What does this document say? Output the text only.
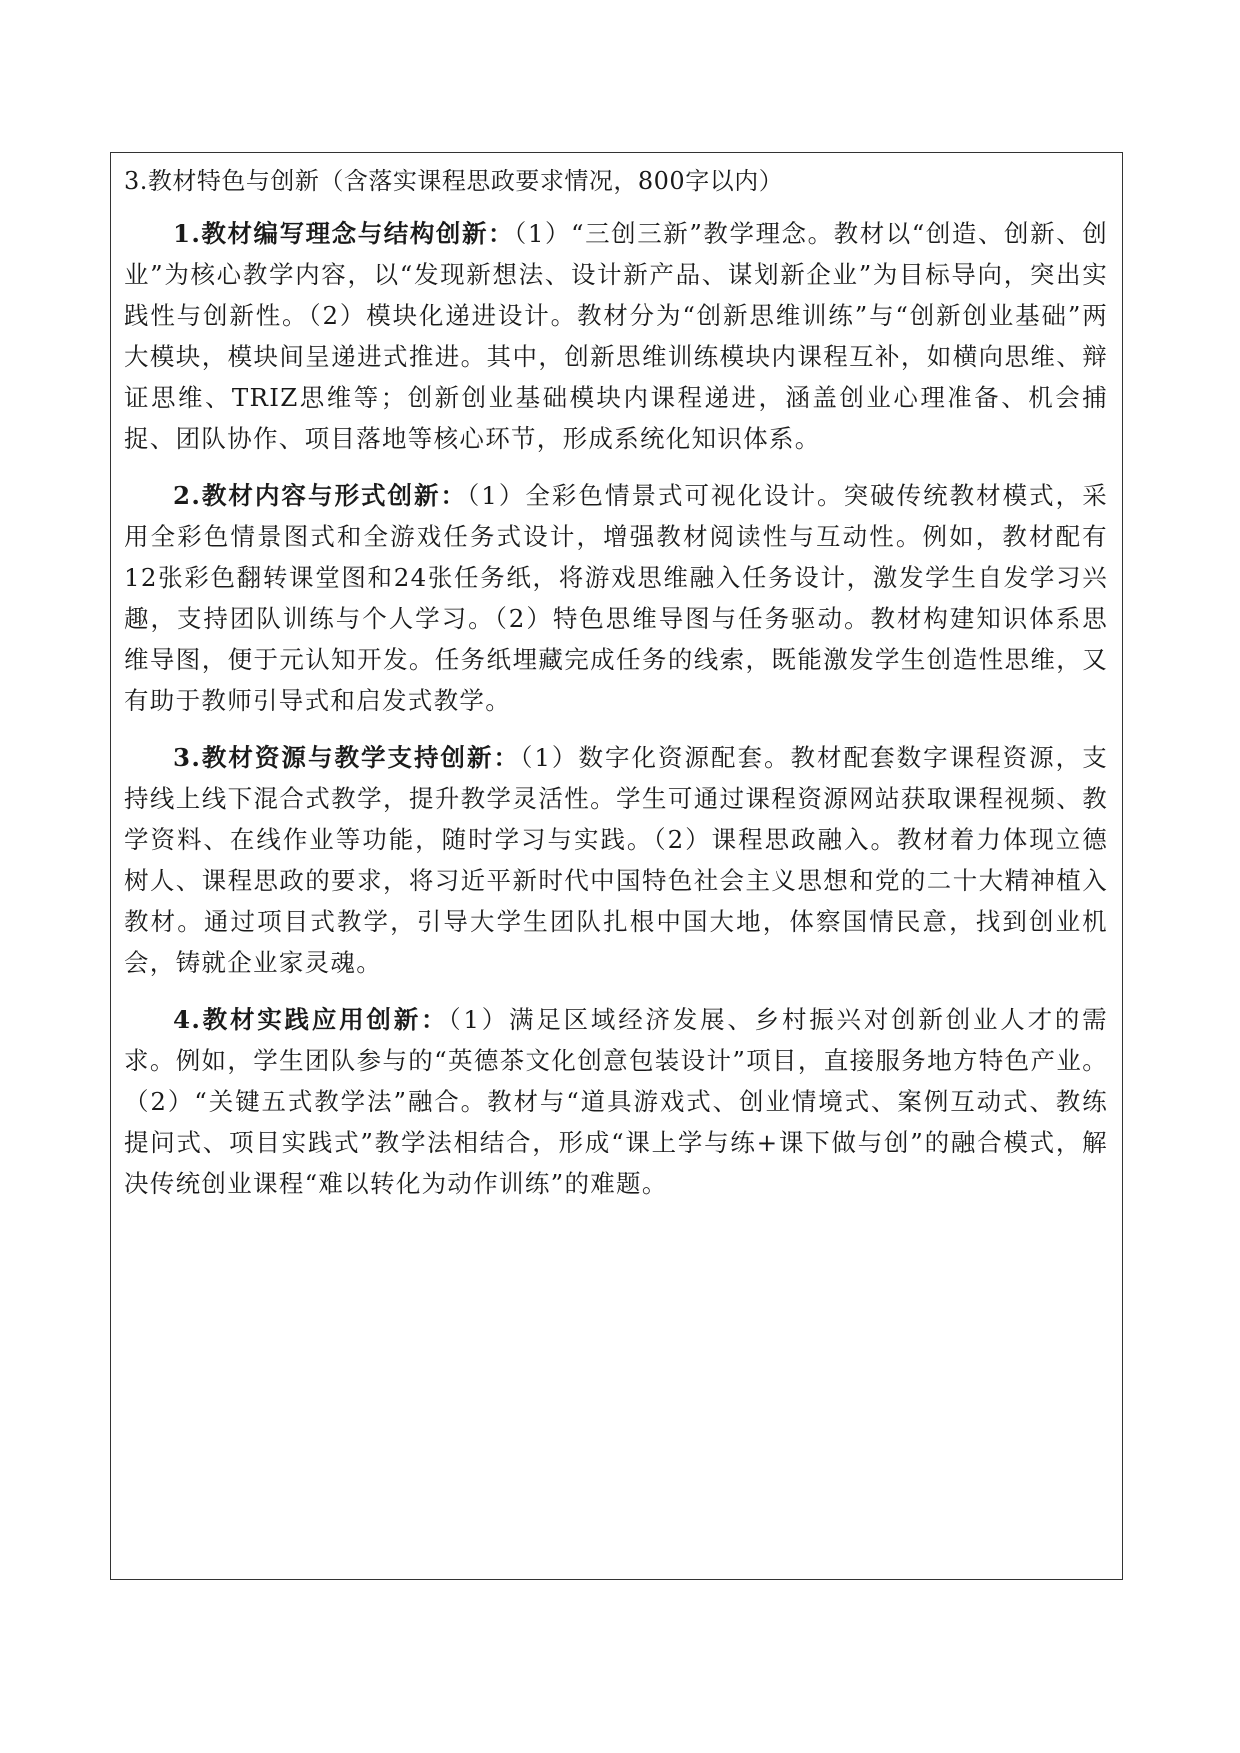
3.教材特色与创新（含落实课程思政要求情况，800字以内）

1.教材编写理念与结构创新：（1）“三创三新”教学理念。教材以“创造、创新、创业”为核心教学内容，以“发现新想法、设计新产品、谋划新企业”为目标导向，突出实践性与创新性。（2）模块化递进设计。教材分为“创新思维训练”与“创新创业基础”两大模块，模块间呈递进式推进。其中，创新思维训练模块内课程互补，如横向思维、辩证思维、TRIZ思维等；创新创业基础模块内课程递进，涵盖创业心理准备、机会捕捉、团队协作、项目落地等核心环节，形成系统化知识体系。

2.教材内容与形式创新：（1）全彩色情景式可视化设计。突破传统教材模式，采用全彩色情景图式和全游戏任务式设计，增强教材阅读性与互动性。例如，教材配有12张彩色翻转课堂图和24张任务纸，将游戏思维融入任务设计，激发学生自发学习兴趣，支持团队训练与个人学习。（2）特色思维导图与任务驱动。教材构建知识体系思维导图，便于元认知开发。任务纸埋藏完成任务的线索，既能激发学生创造性思维，又有助于教师引导式和启发式教学。

3.教材资源与教学支持创新：（1）数字化资源配套。教材配套数字课程资源，支持线上线下混合式教学，提升教学灵活性。学生可通过课程资源网站获取课程视频、教学资料、在线作业等功能，随时学习与实践。（2）课程思政融入。教材着力体现立德树人、课程思政的要求，将习近平新时代中国特色社会主义思想和党的二十大精神植入教材。通过项目式教学，引导大学生团队扎根中国大地，体察国情民意，找到创业机会，铸就企业家灵魂。

4.教材实践应用创新：（1）满足区域经济发展、乡村振兴对创新创业人才的需求。例如，学生团队参与的“英德茶文化创意包装设计”项目，直接服务地方特色产业。（2）“关键五式教学法”融合。教材与“道具游戏式、创业情境式、案例互动式、教练提问式、项目实践式”教学法相结合，形成“课上学与练+课下做与创”的融合模式，解决传统创业课程“难以转化为动作训练”的难题。
